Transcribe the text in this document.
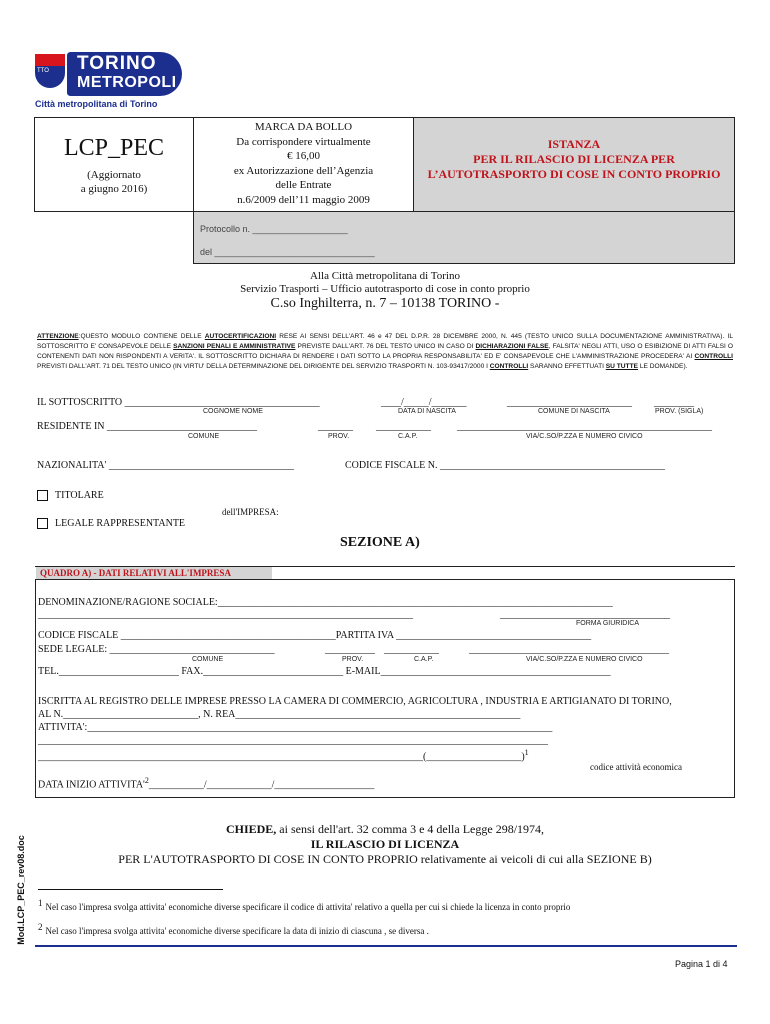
TTO TORINO
METROPOLI
Città metropolitana di Torino
LCP_PEC
(Aggiornato
a giugno 2016)
MARCA DA BOLLO
Da corrispondere virtualmente
€ 16,00
ex Autorizzazione dell’Agenzia
delle Entrate
n.6/2009 dell’11 maggio 2009
ISTANZA
PER IL RILASCIO DI LICENZA PER L’AUTOTRASPORTO DI COSE IN CONTO PROPRIO
Protocollo n. ___________________
del ________________________________
Alla Città metropolitana di Torino
Servizio Trasporti – Ufficio autotrasporto di cose in conto proprio
C.so Inghilterra, n. 7 – 10138 TORINO -
ATTENZIONE:QUESTO MODULO CONTIENE DELLE AUTOCERTIFICAZIONI RESE AI SENSI DELL'ART. 46 e 47 DEL D.P.R. 28 DICEMBRE 2000, N. 445 (TESTO UNICO SULLA DOCUMENTAZIONE AMMINISTRATIVA). IL SOTTOSCRITTO E' CONSAPEVOLE DELLE SANZIONI PENALI E AMMINISTRATIVE PREVISTE DALL'ART. 76 DEL TESTO UNICO IN CASO DI DICHIARAZIONI FALSE, FALSITA' NEGLI ATTI, USO O ESIBIZIONE DI ATTI FALSI O CONTENENTI DATI NON RISPONDENTI A VERITA'. IL SOTTOSCRITTO DICHIARA DI RENDERE I DATI SOTTO LA PROPRIA RESPONSABILITA' ED E' CONSAPEVOLE CHE L'AMMINISTRAZIONE PROCEDERA' AI CONTROLLI PREVISTI DALL'ART. 71 DEL TESTO UNICO (IN VIRTU' DELLA DETERMINAZIONE DEL DIRIGENTE DEL SERVIZIO TRASPORTI N. 103-93417/2000 I CONTROLLI SARANNO EFFETTUATI SU TUTTE LE DOMANDE).
IL SOTTOSCRITTO _______________________________________	____/_____/_______	_________________________ ________
COGNOME NOME	DATA DI NASCITA	COMUNE DI NASCITA	PROV. (SIGLA)
RESIDENTE IN ______________________________	_______ ___________	___________________________________________________
COMUNE	PROV.	C.A.P.	VIA/C.SO/P.ZZA E NUMERO CIVICO
NAZIONALITA' _____________________________________	CODICE FISCALE N. _____________________________________________
TITOLARE
dell'IMPRESA:
LEGALE RAPPRESENTANTE
SEZIONE A)
QUADRO A) - DATI RELATIVI ALL'IMPRESA
DENOMINAZIONE/RAGIONE SOCIALE:_______________________________________________________________________________
___________________________________________________________________________	__________________________________
FORMA GIURIDICA
CODICE FISCALE ___________________________________________PARTITA IVA _______________________________________
SEDE LEGALE: _________________________________	__________ ___________	________________________________________
COMUNE	PROV.	C.A.P.	VIA/C.SO/P.ZZA E NUMERO CIVICO
TEL.________________________ FAX.____________________________ E-MAIL______________________________________________
ISCRITTA AL REGISTRO DELLE IMPRESE PRESSO LA CAMERA DI COMMERCIO, AGRICOLTURA , INDUSTRIA E ARTIGIANATO DI TORINO,
AL N.___________________________, N. REA_________________________________________________________
ATTIVITA':_____________________________________________________________________________________________
______________________________________________________________________________________________________
_____________________________________________________________________________(___________________)$^1$
codice attività economica
DATA INIZIO $ATTIVITA'^2\_\_\_\_\_\_\_\_\_\_\_/\_\_\_\_\_\_\_\_\_\_\_\_\_/\_\_\_\_\_\_\_\_\_\_\_\_\_\_\_\_\_\_\_\_$
CHIEDE, ai sensi dell'art. 32 comma 3 e 4 della Legge 298/1974,
IL RILASCIO DI LICENZA
PER L'AUTOTRASPORTO DI COSE IN CONTO PROPRIO relativamente ai veicoli di cui alla SEZIONE B)
$^1$ Nel caso l'impresa svolga attivita' economiche diverse specificare il codice di attivita' relativo a quella per cui si chiede la licenza in conto proprio
$^2$ Nel caso l'impresa svolga attivita' economiche diverse specificare la data di inizio di ciascuna , se diversa .
Pagina 1 di 4
Mod.LCP_PEC_rev08.doc
